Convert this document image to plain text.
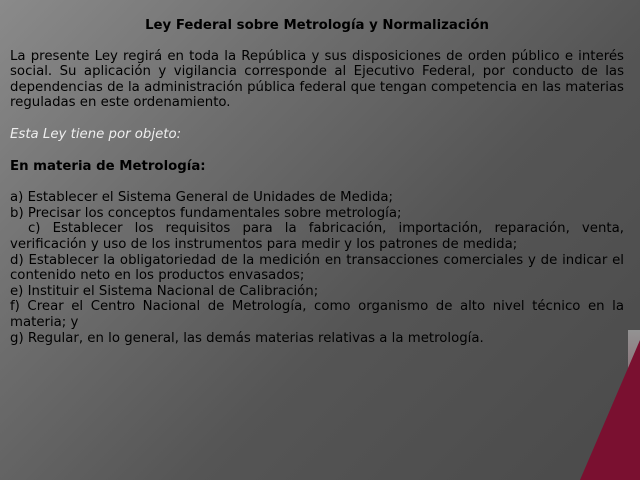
Ley Federal sobre Metrología y Normalización
La presente Ley regirá en toda la República y sus disposiciones de orden público e interés social. Su aplicación y vigilancia corresponde al Ejecutivo Federal, por conducto de las dependencias de la administración pública federal que tengan competencia en las materias reguladas en este ordenamiento.
Esta Ley tiene por objeto:
En materia de Metrología:
a) Establecer el Sistema General de Unidades de Medida;
b) Precisar los conceptos fundamentales sobre metrología;
c) Establecer los requisitos para la fabricación, importación, reparación, venta, verificación y uso de los instrumentos para medir y los patrones de medida;
d) Establecer la obligatoriedad de la medición en transacciones comerciales y de indicar el contenido neto en los productos envasados;
e) Instituir el Sistema Nacional de Calibración;
f) Crear el Centro Nacional de Metrología, como organismo de alto nivel técnico en la materia; y
g) Regular, en lo general, las demás materias relativas a la metrología.
